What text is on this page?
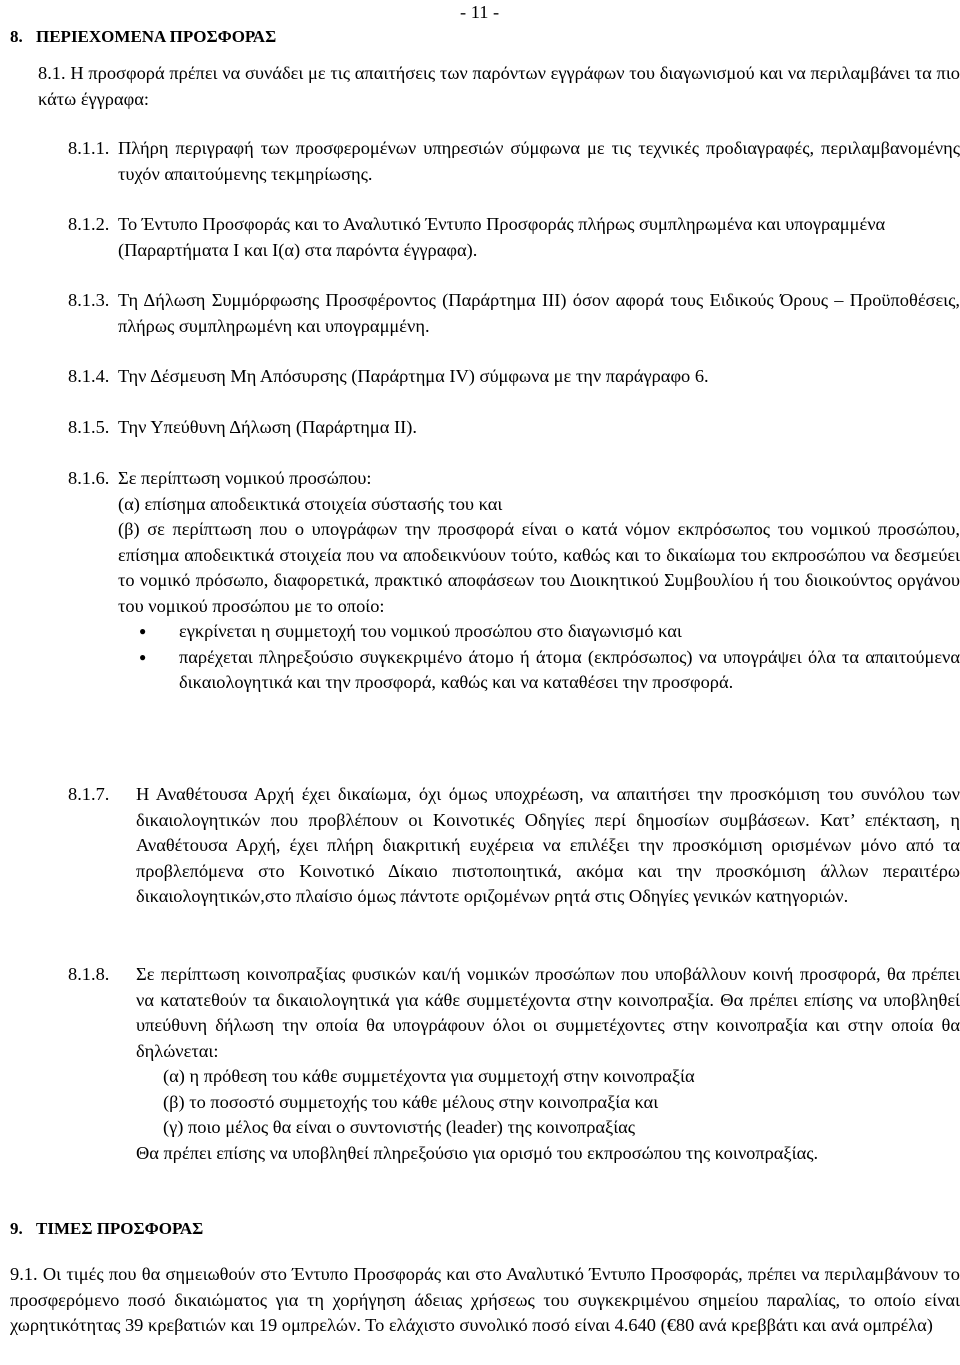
- 11 -
8. ΠΕΡΙΕΧΟΜΕΝΑ ΠΡΟΣΦΟΡΑΣ
8.1. Η προσφορά πρέπει να συνάδει με τις απαιτήσεις των παρόντων εγγράφων του διαγωνισμού και να περιλαμβάνει τα πιο κάτω έγγραφα:
8.1.1. Πλήρη περιγραφή των προσφερομένων υπηρεσιών σύμφωνα με τις τεχνικές προδιαγραφές, περιλαμβανομένης τυχόν απαιτούμενης τεκμηρίωσης.
8.1.2. Το Έντυπο Προσφοράς και το Αναλυτικό Έντυπο Προσφοράς πλήρως συμπληρωμένα και υπογραμμένα (Παραρτήματα Ι και Ι(α) στα παρόντα έγγραφα).
8.1.3. Τη Δήλωση Συμμόρφωσης Προσφέροντος (Παράρτημα ΙΙΙ) όσον αφορά τους Ειδικούς Όρους – Προϋποθέσεις, πλήρως συμπληρωμένη και υπογραμμένη.
8.1.4. Την Δέσμευση Μη Απόσυρσης (Παράρτημα IV) σύμφωνα με την παράγραφο 6.
8.1.5. Την Υπεύθυνη Δήλωση (Παράρτημα ΙΙ).
8.1.6. Σε περίπτωση νομικού προσώπου:
(α) επίσημα αποδεικτικά στοιχεία σύστασής του και
(β) σε περίπτωση που ο υπογράφων την προσφορά είναι ο κατά νόμον εκπρόσωπος του νομικού προσώπου, επίσημα αποδεικτικά στοιχεία που να αποδεικνύουν τούτο, καθώς και το δικαίωμα του εκπροσώπου να δεσμεύει το νομικό πρόσωπο, διαφορετικά, πρακτικό αποφάσεων του Διοικητικού Συμβουλίου ή του διοικούντος οργάνου του νομικού προσώπου με το οποίο:
● εγκρίνεται η συμμετοχή του νομικού προσώπου στο διαγωνισμό και
● παρέχεται πληρεξούσιο συγκεκριμένο άτομο ή άτομα (εκπρόσωπος) να υπογράψει όλα τα απαιτούμενα δικαιολογητικά και την προσφορά, καθώς και να καταθέσει την προσφορά.
8.1.7. Η Αναθέτουσα Αρχή έχει δικαίωμα, όχι όμως υποχρέωση, να απαιτήσει την προσκόμιση του συνόλου των δικαιολογητικών που προβλέπουν οι Κοινοτικές Οδηγίες περί δημοσίων συμβάσεων. Κατ’ επέκταση, η Αναθέτουσα Αρχή, έχει πλήρη διακριτική ευχέρεια να επιλέξει την προσκόμιση ορισμένων μόνο από τα προβλεπόμενα στο Κοινοτικό Δίκαιο πιστοποιητικά, ακόμα και την προσκόμιση άλλων περαιτέρω δικαιολογητικών,στο πλαίσιο όμως πάντοτε οριζομένων ρητά στις Οδηγίες γενικών κατηγοριών.
8.1.8. Σε περίπτωση κοινοπραξίας φυσικών και/ή νομικών προσώπων που υποβάλλουν κοινή προσφορά, θα πρέπει να κατατεθούν τα δικαιολογητικά για κάθε συμμετέχοντα στην κοινοπραξία. Θα πρέπει επίσης να υποβληθεί υπεύθυνη δήλωση την οποία θα υπογράφουν όλοι οι συμμετέχοντες στην κοινοπραξία και στην οποία θα δηλώνεται:
(α) η πρόθεση του κάθε συμμετέχοντα για συμμετοχή στην κοινοπραξία
(β) το ποσοστό συμμετοχής του κάθε μέλους στην κοινοπραξία και
(γ) ποιο μέλος θα είναι ο συντονιστής (leader) της κοινοπραξίας
Θα πρέπει επίσης να υποβληθεί πληρεξούσιο για ορισμό του εκπροσώπου της κοινοπραξίας.
9. ΤΙΜΕΣ ΠΡΟΣΦΟΡΑΣ
9.1. Οι τιμές που θα σημειωθούν στο Έντυπο Προσφοράς και στο Αναλυτικό Έντυπο Προσφοράς, πρέπει να περιλαμβάνουν το προσφερόμενο ποσό δικαιώματος για τη χορήγηση άδειας χρήσεως του συγκεκριμένου σημείου παραλίας, το οποίο είναι χωρητικότητας 39 κρεβατιών και 19 ομπρελών. Το ελάχιστο συνολικό ποσό είναι 4.640 (€80 ανά κρεββάτι και ανά ομπρέλα)
